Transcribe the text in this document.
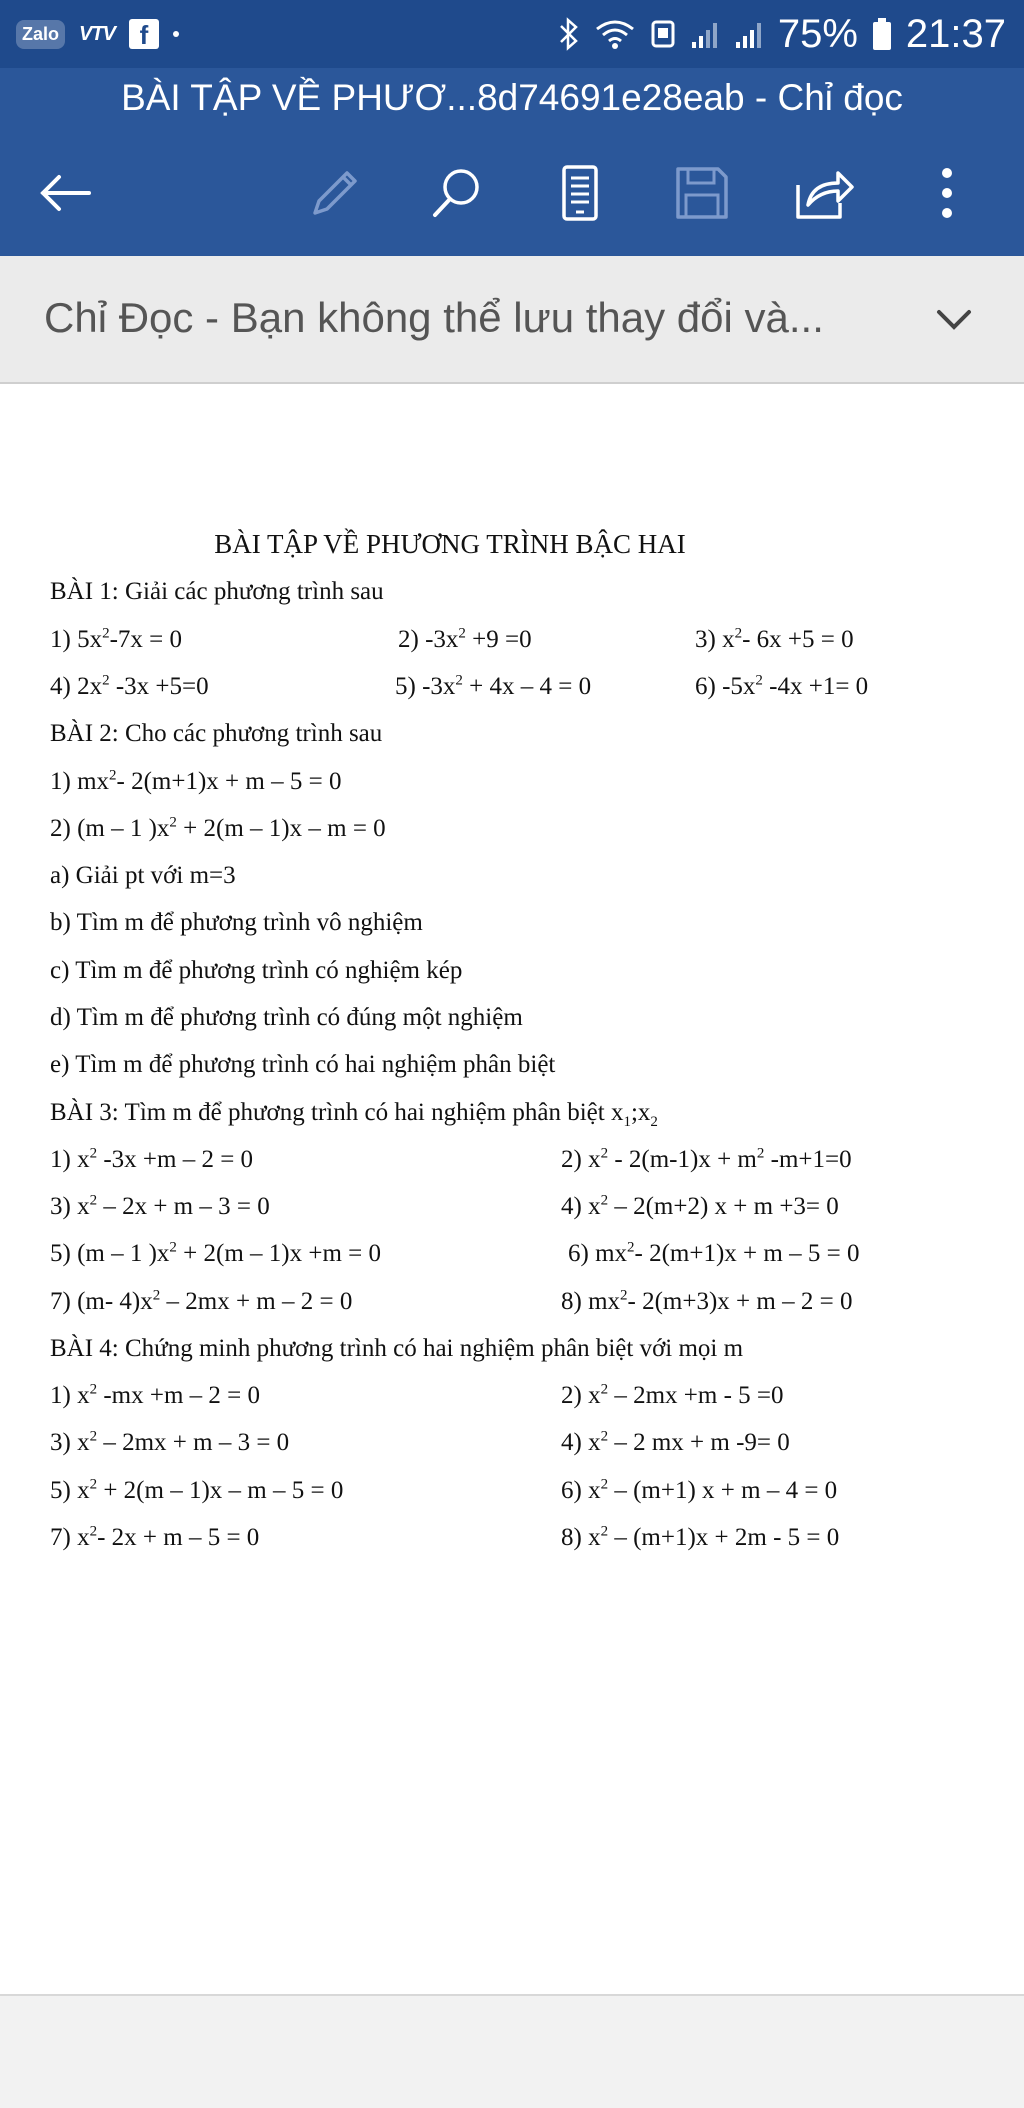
Zalo	VTV f	75% 21:37
BÀI TẬP VỀ PHƯƠ...8d74691e28eab - Chỉ đọc
Chỉ Đọc - Bạn không thể lưu thay đổi và...
BÀI TẬP VỀ PHƯƠNG TRÌNH BẬC HAI
BÀI 1: Giải các phương trình sau
1) $5x^2-7x = 0$	2) $-3x^2 +9 =0$	3) $x^2-$ 6x +5 = 0
4) $2x^2$ -3x +5=0	5) $-3x^2 + 4x - 4 = 0$	6) $-5x^2$ -4x +1= 0
BÀI 2: Cho các phương trình sau
1) $mx^2-$ 2(m+1)x + m – 5 = 0
2) (m – 1 )$x^2 + 2(m - 1)x - m = 0$
a) Giải pt với m=3
b) Tìm m để phương trình vô nghiệm
c) Tìm m để phương trình có nghiệm kép
d) Tìm m để phương trình có đúng một nghiệm
e) Tìm m để phương trình có hai nghiệm phân biệt
BÀI 3: Tìm m để phương trình có hai nghiệm phân biệt $x_1;x_2$
1) $x^2$ -3x +m – 2 = 0	2) $x^2 - 2(m-1)x + m^2$ -m+1=0
3) $x^2 - 2x + m - 3 = 0$	4) $x^2 - 2(m+2) x + m +3= 0$
5) (m – 1 )$x^2 + 2(m - 1)x +m = 0$	6) $mx^2-$ 2(m+1)x + m – 5 = 0
7) (m- $4)x^2 - 2mx + m - 2 = 0$	8) $mx^2-$ 2(m+3)x + m – 2 = 0
BÀI 4: Chứng minh phương trình có hai nghiệm phân biệt với mọi m
1) $x^2$ -mx +m – 2 = 0	2) $x^2 - 2mx +m - 5 =0$
3) $x^2 - 2mx + m - 3 = 0$	4) $x^2 - 2$ mx + m -9= 0
5) $x^2 + 2(m - 1)x - m - 5 = 0$	6) $x^2 - (m+1) x + m - 4 = 0$
7) $x^2-$ 2x + m – 5 = 0	8) $x^2 - (m+1)x + 2m - 5 = 0$
